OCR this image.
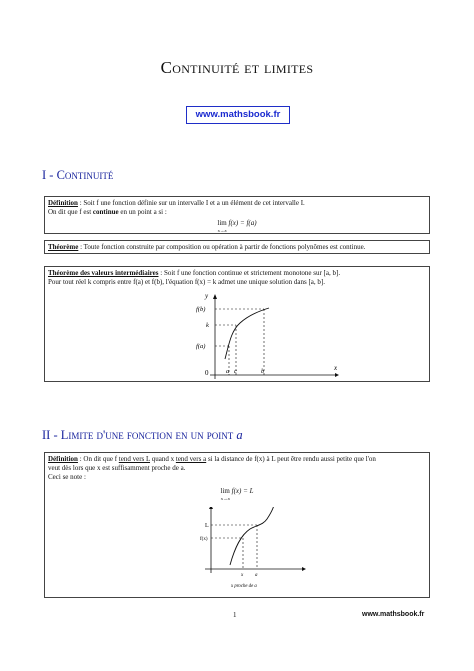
Continuité et limites
www.mathsbook.fr
I - Continuité
Définition : Soit f une fonction définie sur un intervalle I et a un élément de cet intervalle I.
On dit que f est continue en un point a si :
lim
x→a
f(x) = f(a)
Théorème : Toute fonction construite par composition ou opération à partir de fonctions polynômes est continue.
Théorème des valeurs intermédiaires : Soit f une fonction continue et strictement monotone sur [a, b].
Pour tout réel k compris entre f(a) et f(b), l'équation f(x) = k admet une unique solution dans [a, b].
y
x
0	a c	b
f(b)
k
f(a)
II - Limite d'une fonction en un point a
Définition : On dit que f tend vers L quand x tend vers a si la distance de f(x) à L peut être rendu aussi petite que l'on
veut dès lors que x est suffisamment proche de a.
Ceci se note :
lim
x→a
f(x) = L
L
f(x)
x a
x proche de a
1	www.mathsbook.fr
